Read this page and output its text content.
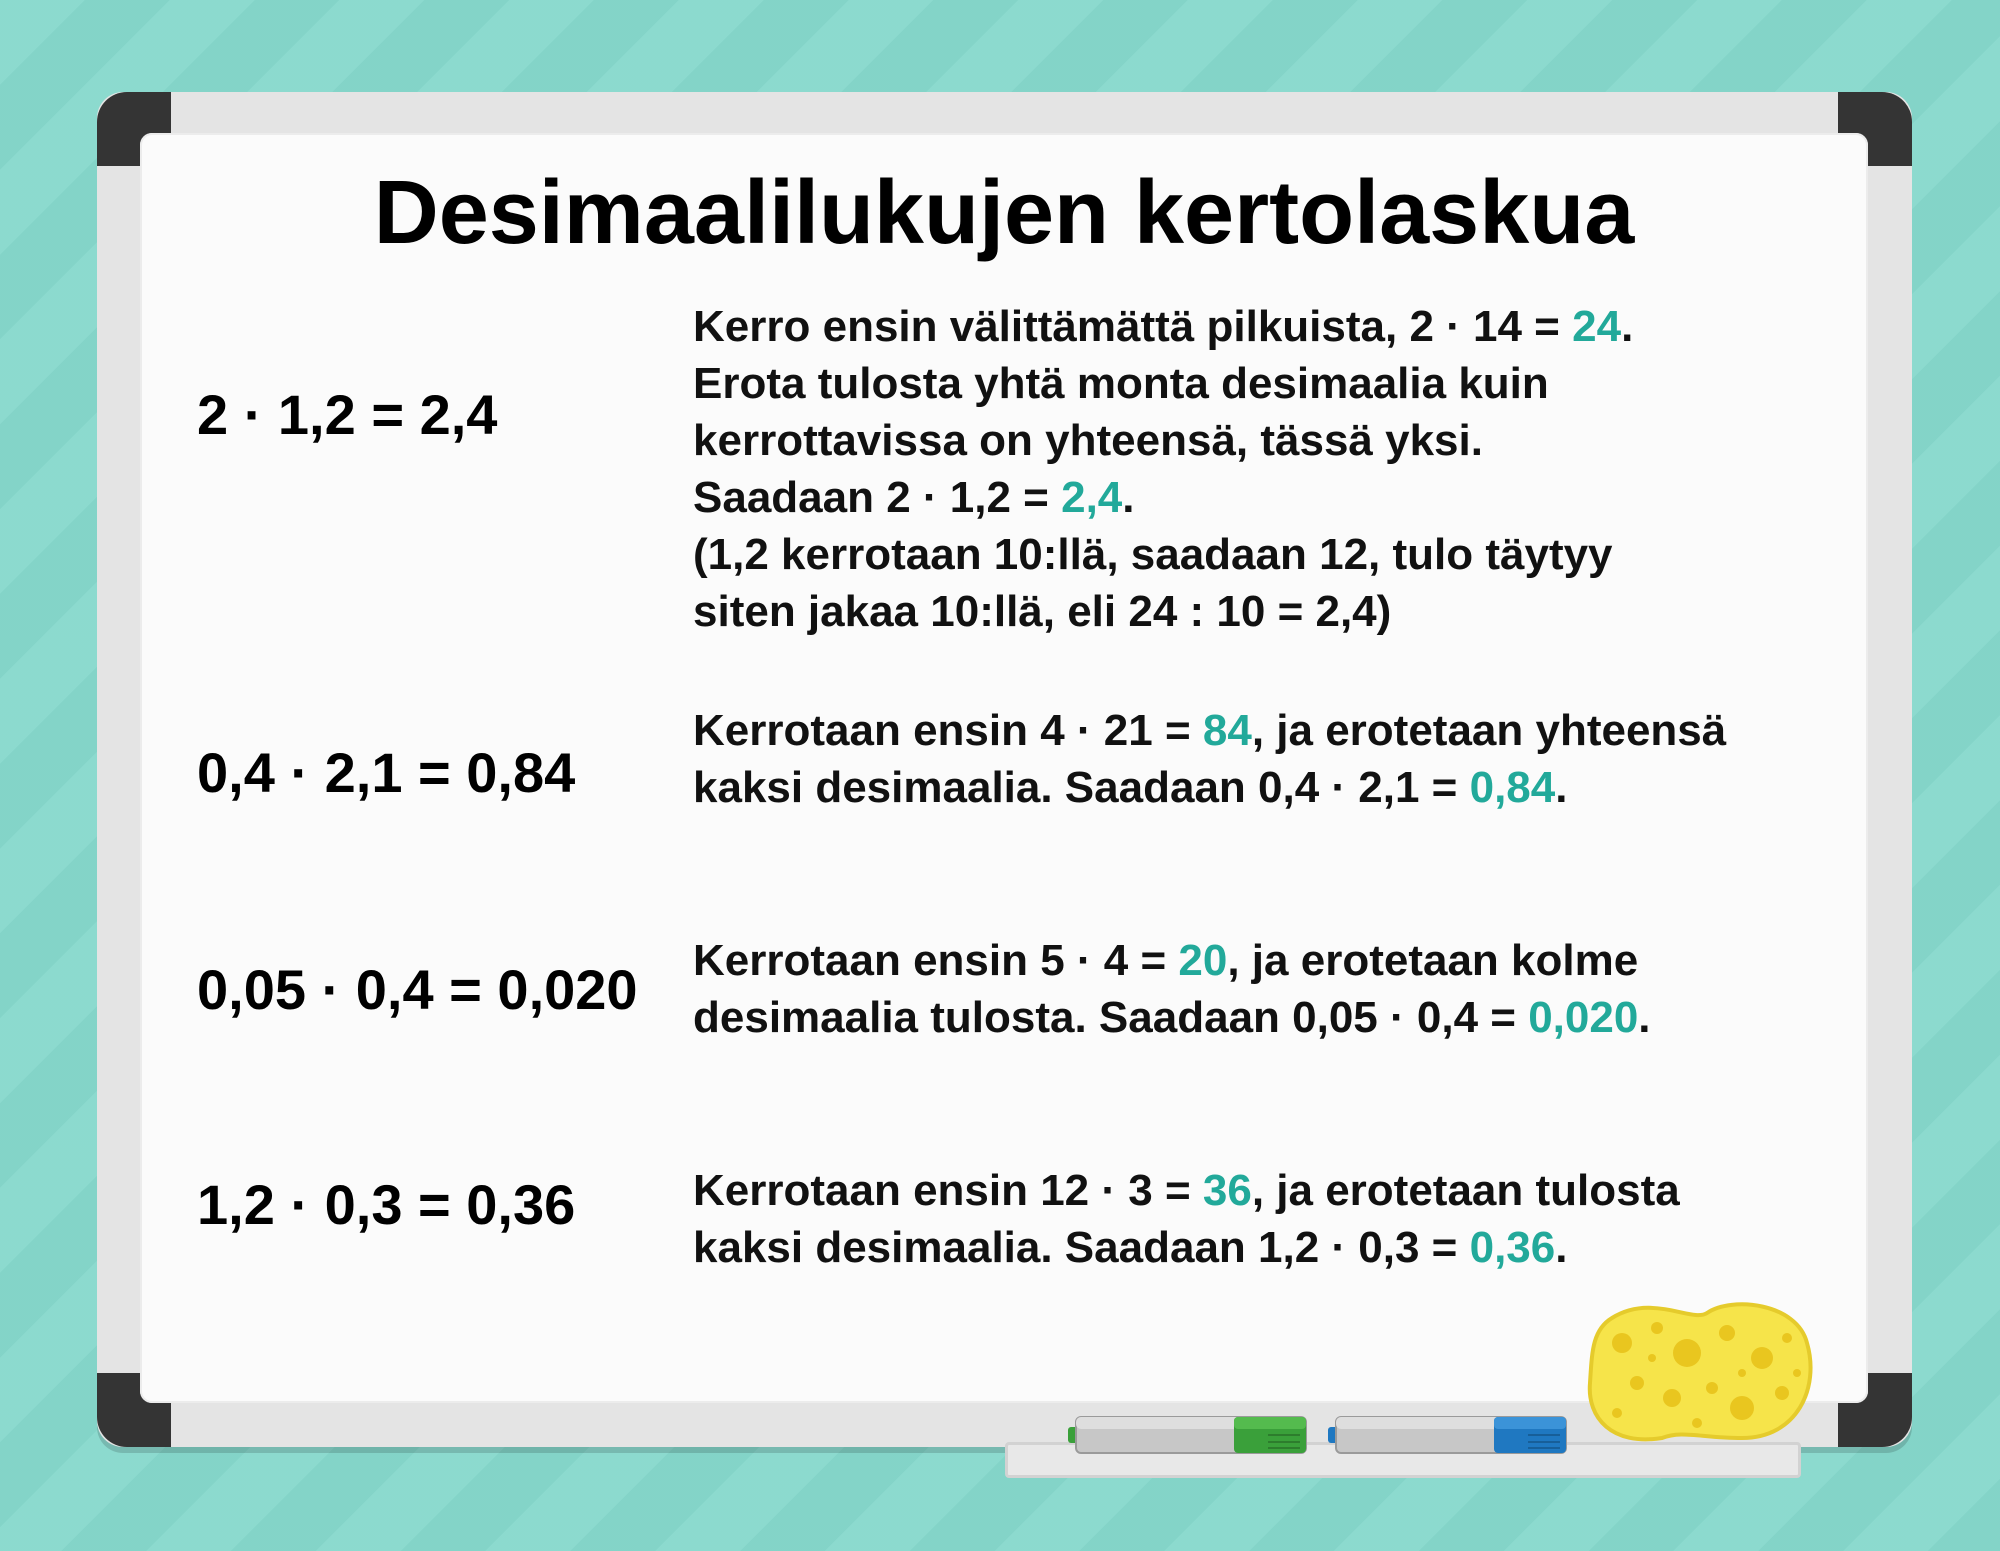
Desimaalilukujen kertolaskua
2 · 1,2 = 2,4
Kerro ensin välittämättä pilkuista, 2 · 14 = 24.
Erota tulosta yhtä monta desimaalia kuin
kerrottavissa on yhteensä, tässä yksi.
Saadaan 2 · 1,2 = 2,4.
(1,2 kerrotaan 10:llä, saadaan 12, tulo täytyy
siten jakaa 10:llä, eli 24 : 10 = 2,4)
0,4 · 2,1 = 0,84
Kerrotaan ensin 4 · 21 = 84, ja erotetaan yhteensä
kaksi desimaalia. Saadaan 0,4 · 2,1 = 0,84.
0,05 · 0,4 = 0,020 Kerrotaan ensin 5 · 4 = 20, ja erotetaan kolme
desimaalia tulosta. Saadaan 0,05 · 0,4 = 0,020.
1,2 · 0,3 = 0,36	Kerrotaan ensin 12 · 3 = 36, ja erotetaan tulosta
kaksi desimaalia. Saadaan 1,2 · 0,3 = 0,36.
